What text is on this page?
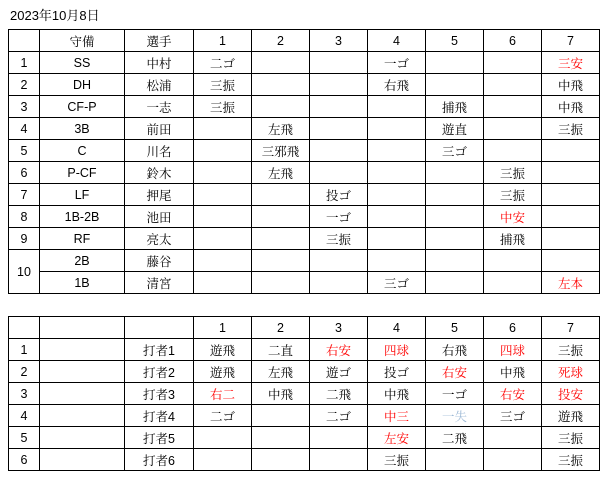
2023年10月8日
	守備	選手	1	2	3	4	5	6	7
1	SS	中村	二ゴ			一ゴ			三安
2	DH	松浦	三振			右飛			中飛
3	CF-P	一志	三振				捕飛		中飛
4	3B	前田		左飛			遊直		三振
5	C	川名		三邪飛			三ゴ		
6	P-CF	鈴木		左飛				三振	
7	LF	押尾			投ゴ			三振	
8	1B-2B	池田			一ゴ			中安	
9	RF	亮太			三振			捕飛	
10	2B	藤谷							
	1B	清宮				三ゴ			左本
			1	2	3	4	5	6	7
1		打者1	遊飛	二直	右安	四球	右飛	四球	三振
2		打者2	遊飛	左飛	遊ゴ	投ゴ	右安	中飛	死球
3		打者3	右二	中飛	二飛	中飛	一ゴ	右安	投安
4		打者4	二ゴ		二ゴ	中三	一失	三ゴ	遊飛
5		打者5				左安	二飛		三振
6		打者6				三振			三振
